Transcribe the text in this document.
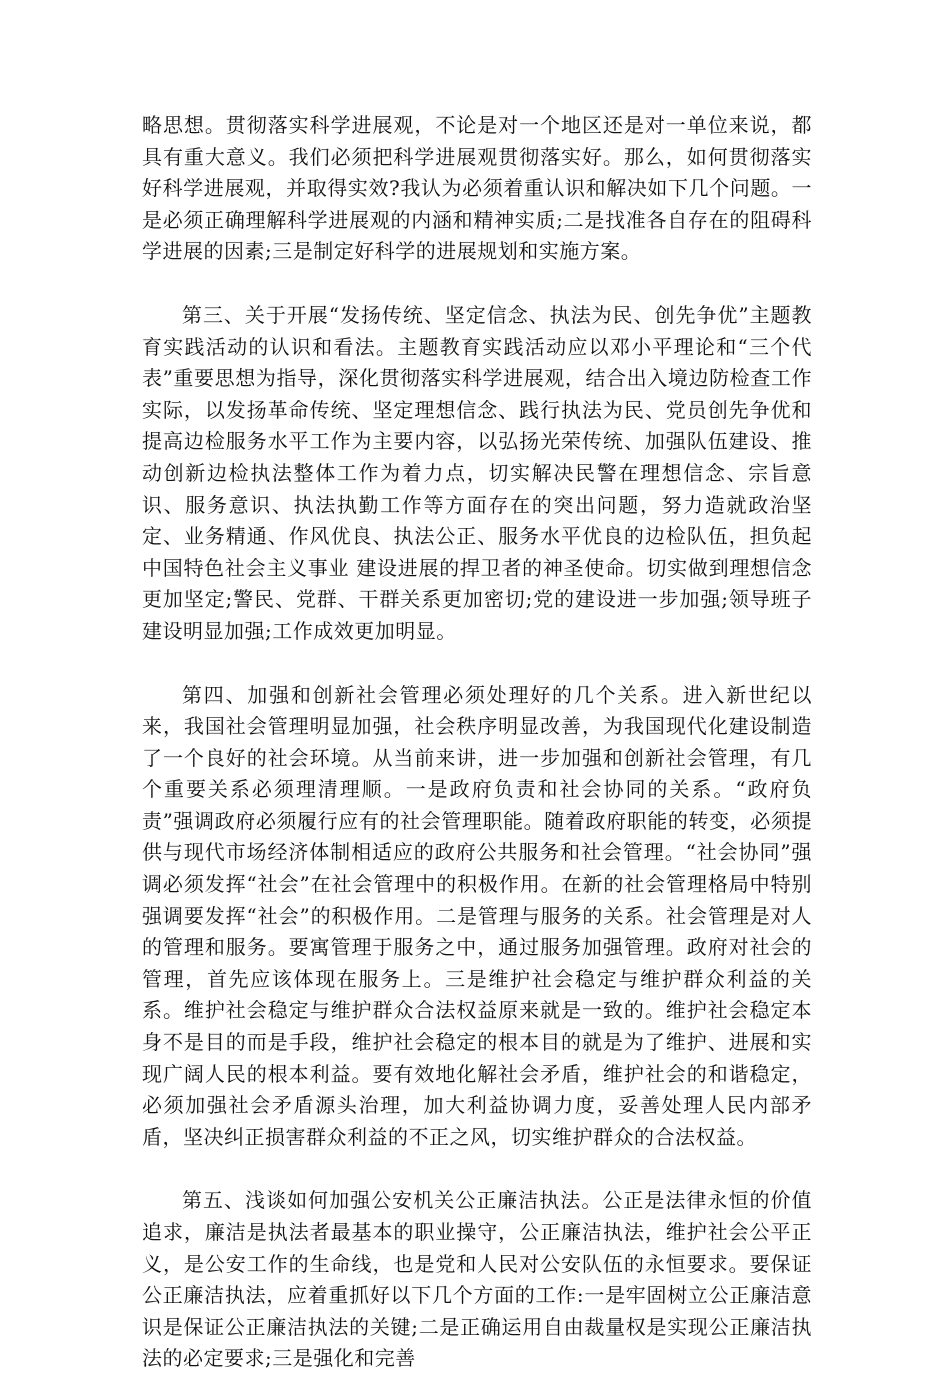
略思想。贯彻落实科学进展观，不论是对一个地区还是对一单位来说，都具有重大意义。我们必须把科学进展观贯彻落实好。那么，如何贯彻落实好科学进展观，并取得实效?我认为必须着重认识和解决如下几个问题。一是必须正确理解科学进展观的内涵和精神实质;二是找准各自存在的阻碍科学进展的因素;三是制定好科学的进展规划和实施方案。

第三、关于开展“发扬传统、坚定信念、执法为民、创先争优”主题教育实践活动的认识和看法。主题教育实践活动应以邓小平理论和“三个代表”重要思想为指导，深化贯彻落实科学进展观，结合出入境边防检查工作实际，以发扬革命传统、坚定理想信念、践行执法为民、党员创先争优和提高边检服务水平工作为主要内容，以弘扬光荣传统、加强队伍建设、推动创新边检执法整体工作为着力点，切实解决民警在理想信念、宗旨意识、服务意识、执法执勤工作等方面存在的突出问题，努力造就政治坚定、业务精通、作风优良、执法公正、服务水平优良的边检队伍，担负起中国特色社会主义事业 建设进展的捍卫者的神圣使命。切实做到理想信念更加坚定;警民、党群、干群关系更加密切;党的建设进一步加强;领导班子建设明显加强;工作成效更加明显。

第四、加强和创新社会管理必须处理好的几个关系。进入新世纪以来，我国社会管理明显加强，社会秩序明显改善，为我国现代化建设制造了一个良好的社会环境。从当前来讲，进一步加强和创新社会管理，有几个重要关系必须理清理顺。一是政府负责和社会协同的关系。“政府负责”强调政府必须履行应有的社会管理职能。随着政府职能的转变，必须提供与现代市场经济体制相适应的政府公共服务和社会管理。“社会协同”强调必须发挥“社会”在社会管理中的积极作用。在新的社会管理格局中特别强调要发挥“社会”的积极作用。二是管理与服务的关系。社会管理是对人的管理和服务。要寓管理于服务之中，通过服务加强管理。政府对社会的管理，首先应该体现在服务上。三是维护社会稳定与维护群众利益的关系。维护社会稳定与维护群众合法权益原来就是一致的。维护社会稳定本身不是目的而是手段，维护社会稳定的根本目的就是为了维护、进展和实现广阔人民的根本利益。要有效地化解社会矛盾，维护社会的和谐稳定，必须加强社会矛盾源头治理，加大利益协调力度，妥善处理人民内部矛盾，坚决纠正损害群众利益的不正之风，切实维护群众的合法权益。

第五、浅谈如何加强公安机关公正廉洁执法。公正是法律永恒的价值追求，廉洁是执法者最基本的职业操守，公正廉洁执法，维护社会公平正义，是公安工作的生命线，也是党和人民对公安队伍的永恒要求。要保证公正廉洁执法，应着重抓好以下几个方面的工作:一是牢固树立公正廉洁意识是保证公正廉洁执法的关键;二是正确运用自由裁量权是实现公正廉洁执法的必定要求;三是强化和完善
